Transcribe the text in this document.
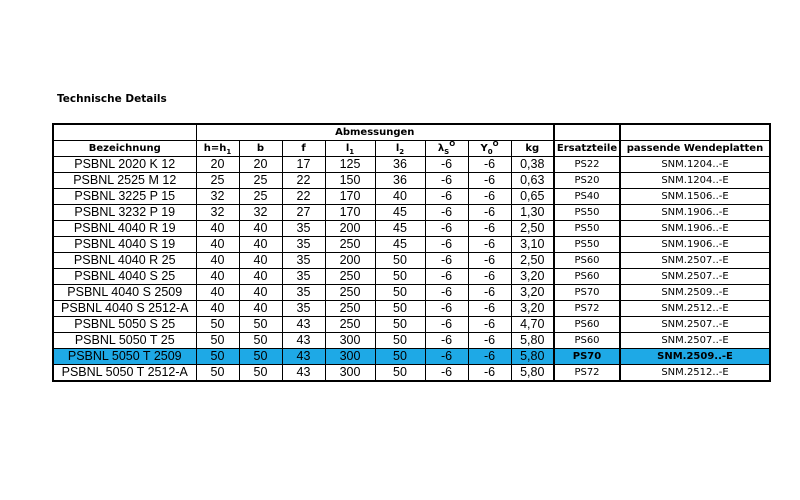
Technische Details
	Abmessungen									
Bezeichnung	$h=h_1$	b	f	$l_1$	$l_2$	$\lambda_S^O$	$Y_0^O$	kg	Ersatzteile	passende Wendeplatten
PSBNL 2020 K 12	20	20	17	125	36	-6	-6	0,38	PS22	SNM.1204..-E
PSBNL 2525 M 12	25	25	22	150	36	-6	-6	0,63	PS20	SNM.1204..-E
PSBNL 3225 P 15	32	25	22	170	40	-6	-6	0,65	PS40	SNM.1506..-E
PSBNL 3232 P 19	32	32	27	170	45	-6	-6	1,30	PS50	SNM.1906..-E
PSBNL 4040 R 19	40	40	35	200	45	-6	-6	2,50	PS50	SNM.1906..-E
PSBNL 4040 S 19	40	40	35	250	45	-6	-6	3,10	PS50	SNM.1906..-E
PSBNL 4040 R 25	40	40	35	200	50	-6	-6	2,50	PS60	SNM.2507..-E
PSBNL 4040 S 25	40	40	35	250	50	-6	-6	3,20	PS60	SNM.2507..-E
PSBNL 4040 S 2509	40	40	35	250	50	-6	-6	3,20	PS70	SNM.2509..-E
PSBNL 4040 S 2512-A	40	40	35	250	50	-6	-6	3,20	PS72	SNM.2512..-E
PSBNL 5050 S 25	50	50	43	250	50	-6	-6	4,70	PS60	SNM.2507..-E
PSBNL 5050 T 25	50	50	43	300	50	-6	-6	5,80	PS60	SNM.2507..-E
PSBNL 5050 T 2509	50	50	43	300	50	-6	-6	5,80	PS70	SNM.2509..-E
PSBNL 5050 T 2512-A	50	50	43	300	50	-6	-6	5,80	PS72	SNM.2512..-E
